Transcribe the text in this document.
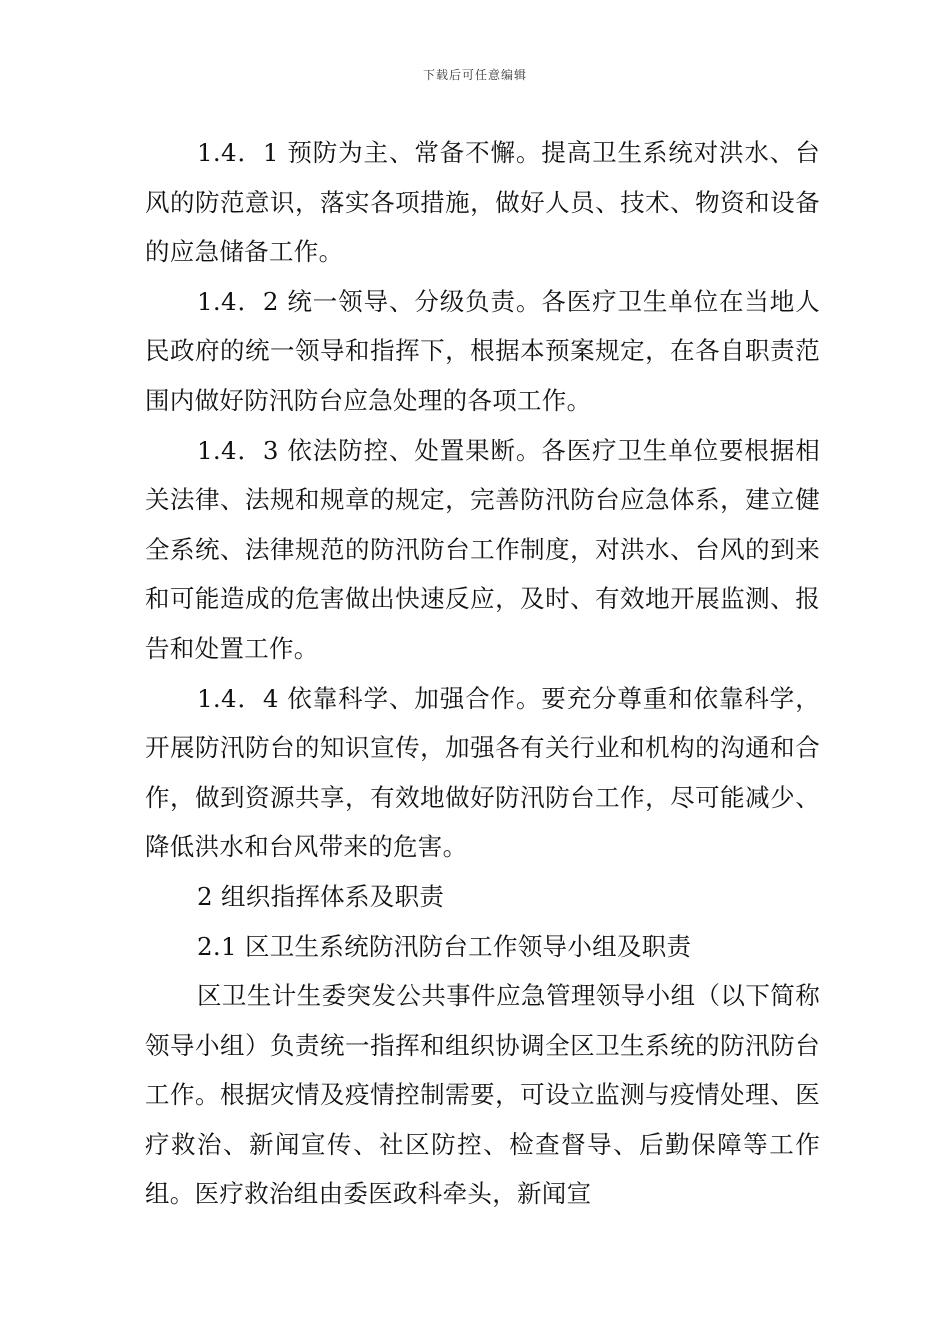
下载后可任意编辑

1.4．1 预防为主、常备不懈。提高卫生系统对洪水、台风的防范意识，落实各项措施，做好人员、技术、物资和设备的应急储备工作。

1.4．2 统一领导、分级负责。各医疗卫生单位在当地人民政府的统一领导和指挥下，根据本预案规定，在各自职责范围内做好防汛防台应急处理的各项工作。

1.4．3 依法防控、处置果断。各医疗卫生单位要根据相关法律、法规和规章的规定，完善防汛防台应急体系，建立健全系统、法律规范的防汛防台工作制度，对洪水、台风的到来和可能造成的危害做出快速反应，及时、有效地开展监测、报告和处置工作。

1.4．4 依靠科学、加强合作。要充分尊重和依靠科学，开展防汛防台的知识宣传，加强各有关行业和机构的沟通和合作，做到资源共享，有效地做好防汛防台工作，尽可能减少、降低洪水和台风带来的危害。

2 组织指挥体系及职责

2.1 区卫生系统防汛防台工作领导小组及职责

区卫生计生委突发公共事件应急管理领导小组（以下简称领导小组）负责统一指挥和组织协调全区卫生系统的防汛防台工作。根据灾情及疫情控制需要，可设立监测与疫情处理、医疗救治、新闻宣传、社区防控、检查督导、后勤保障等工作组。医疗救治组由委医政科牵头，新闻宣
